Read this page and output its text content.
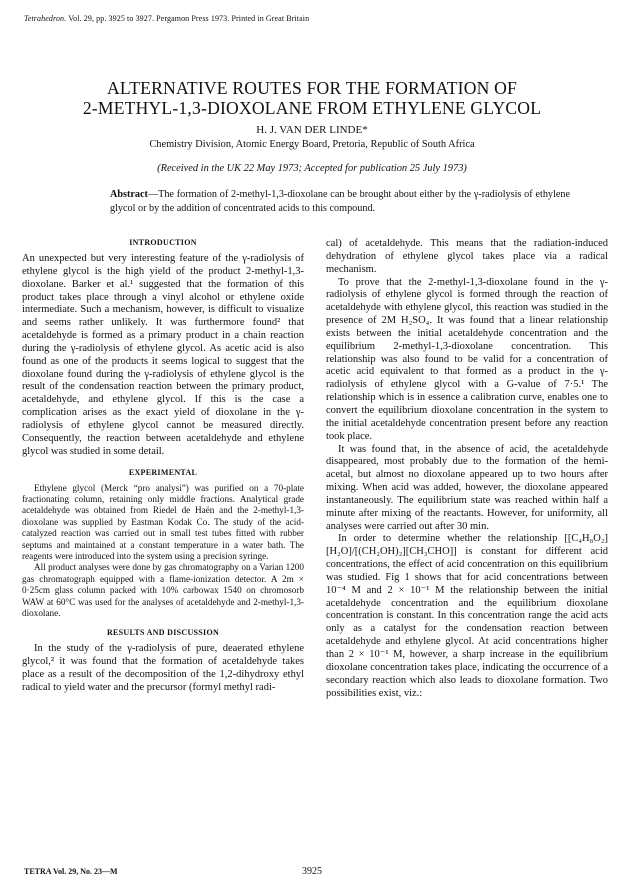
Tetrahedron. Vol. 29, pp. 3925 to 3927. Pergamon Press 1973. Printed in Great Britain
ALTERNATIVE ROUTES FOR THE FORMATION OF
2-METHYL-1,3-DIOXOLANE FROM ETHYLENE GLYCOL
H. J. VAN DER LINDE*
Chemistry Division, Atomic Energy Board, Pretoria, Republic of South Africa
(Received in the UK 22 May 1973; Accepted for publication 25 July 1973)
Abstract—The formation of 2-methyl-1,3-dioxolane can be brought about either by the γ-radiolysis of ethylene glycol or by the addition of concentrated acids to this compound.
INTRODUCTION

An unexpected but very interesting feature of the γ-radiolysis of ethylene glycol is the high yield of the product 2-methyl-1,3-dioxolane. Barker et al.¹ suggested that the formation of this product takes place through a vinyl alcohol or ethylene oxide intermediate. Such a mechanism, however, is difficult to visualize and seems rather unlikely. It was furthermore found² that acetaldehyde is formed as a primary product in a chain reaction during the γ-radiolysis of ethylene glycol. As acetic acid is also found as one of the products it seems logical to suggest that the dioxolane found during the γ-radiolysis of ethylene glycol is the result of the condensation reaction between the primary product, acetaldehyde, and ethylene glycol. If this is the case a complication arises as the exact yield of dioxolane in the γ-radiolysis of ethylene glycol cannot be measured directly. Consequently, the reaction between acetaldehyde and ethylene glycol was studied in some detail.

EXPERIMENTAL

Ethylene glycol (Merck “pro analysi”) was purified on a 70-plate fractionating column, retaining only middle fractions. Analytical grade acetaldehyde was obtained from Riedel de Haën and the 2-methyl-1,3-dioxolane was supplied by Eastman Kodak Co. The study of the acid-catalyzed reaction was carried out in small test tubes fitted with rubber septums and maintained at a constant temperature in a water bath. The reagents were introduced into the system using a precision syringe.

All product analyses were done by gas chromatography on a Varian 1200 gas chromatograph equipped with a flame-ionization detector. A 2m × 0·25cm glass column packed with 10% carbowax 1540 on chromosorb WAW at 60°C was used for the analyses of acetaldehyde and 2-methyl-1,3-dioxolane.

RESULTS AND DISCUSSION

In the study of the γ-radiolysis of pure, deaerated ethylene glycol,² it was found that the formation of acetaldehyde takes place as a result of the decomposition of the 1,2-dihydroxy ethyl radical to yield water and the precursor (formyl methyl radi-

cal) of acetaldehyde. This means that the radiation-induced dehydration of ethylene glycol takes place via a radical mechanism.

To prove that the 2-methyl-1,3-dioxolane found in the γ-radiolysis of ethylene glycol is formed through the reaction of acetaldehyde with ethylene glycol, this reaction was studied in the presence of 2M H₂SO₄. It was found that a linear relationship exists between the initial acetaldehyde concentration and the equilibrium 2-methyl-1,3-dioxolane concentration. This relationship was also found to be valid for a concentration of acetic acid equivalent to that formed as a product in the γ-radiolysis of ethylene glycol with a G-value of 7·5.¹ The relationship which is in essence a calibration curve, enables one to convert the equilibrium dioxolane concentration in the system to the initial acetaldehyde concentration present before any reaction took place.

It was found that, in the absence of acid, the acetaldehyde disappeared, most probably due to the formation of the hemi-acetal, but almost no dioxolane appeared up to two hours after mixing. When acid was added, however, the dioxolane appeared instantaneously. The equilibrium state was reached within half a minute after mixing of the reactants. However, for uniformity, all analyses were carried out after 30 min.

In order to determine whether the relationship [[C₄H₈O₂][H₂O]/[(CH₂OH)₂][CH₃CHO]] is constant for different acid concentrations, the effect of acid concentration on this equilibrium was studied. Fig 1 shows that for acid concentrations between 10⁻⁴ M and 2 × 10⁻¹ M the relationship between the initial acetaldehyde concentration and the equilibrium dioxolane concentration is constant. In this concentration range the acid acts only as a catalyst for the condensation reaction between acetaldehyde and ethylene glycol. At acid concentrations higher than 2 × 10⁻¹ M, however, a sharp increase in the equilibrium dioxolane concentration takes place, indicating the occurrence of a secondary reaction which also leads to dioxolane formation. Two possibilities exist, viz.:

TETRA Vol. 29, No. 23—M	3925
